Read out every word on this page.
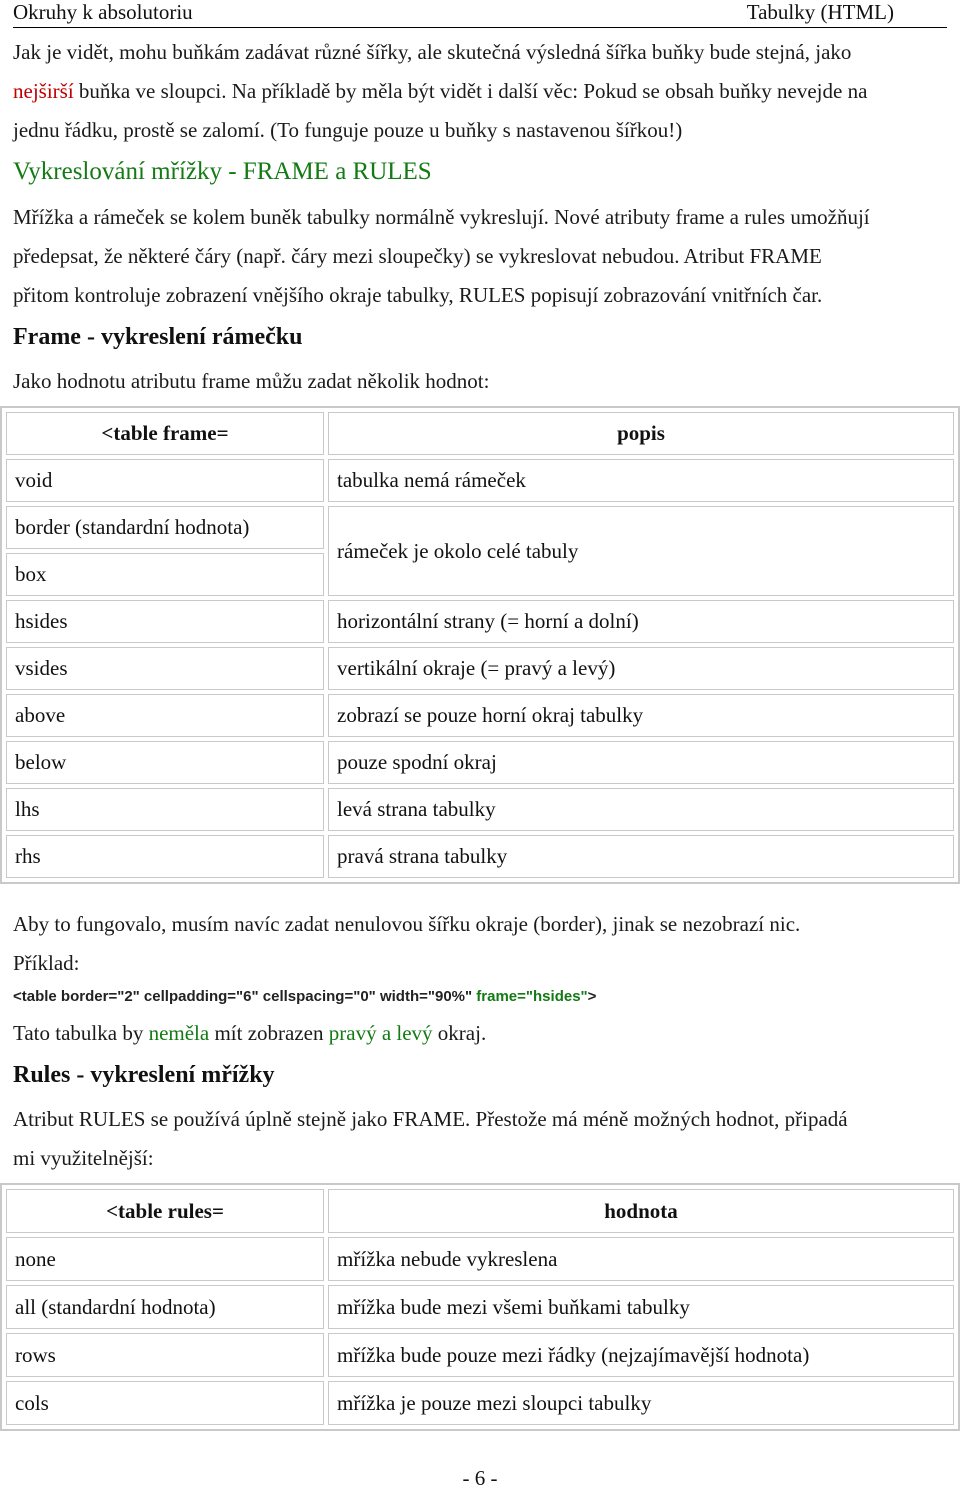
Okruhy k absolutoriu	Tabulky (HTML)
Jak je vidět, mohu buňkám zadávat různé šířky, ale skutečná výsledná šířka buňky bude stejná, jako
nejširší buňka ve sloupci. Na příkladě by měla být vidět i další věc: Pokud se obsah buňky nevejde na
jednu řádku, prostě se zalomí. (To funguje pouze u buňky s nastavenou šířkou!)
Vykreslování mřížky - FRAME a RULES
Mřížka a rámeček se kolem buněk tabulky normálně vykreslují. Nové atributy frame a rules umožňují
předepsat, že některé čáry (např. čáry mezi sloupečky) se vykreslovat nebudou. Atribut FRAME
přitom kontroluje zobrazení vnějšího okraje tabulky, RULES popisují zobrazování vnitřních čar.
Frame - vykreslení rámečku
Jako hodnotu atributu frame můžu zadat několik hodnot:
<table frame=	popis
void	tabulka nemá rámeček
border (standardní hodnota)	rámeček je okolo celé tabuly
box	
hsides	horizontální strany (= horní a dolní)
vsides	vertikální okraje (= pravý a levý)
above	zobrazí se pouze horní okraj tabulky
below	pouze spodní okraj
lhs	levá strana tabulky
rhs	pravá strana tabulky
Aby to fungovalo, musím navíc zadat nenulovou šířku okraje (border), jinak se nezobrazí nic.
Příklad:
<table border="2" cellpadding="6" cellspacing="0" width="90%" frame="hsides">
Tato tabulka by neměla mít zobrazen pravý a levý okraj.
Rules - vykreslení mřížky
Atribut RULES se používá úplně stejně jako FRAME. Přestože má méně možných hodnot, připadá
mi využitelnější:
<table rules=	hodnota
none	mřížka nebude vykreslena
all (standardní hodnota)	mřížka bude mezi všemi buňkami tabulky
rows	mřížka bude pouze mezi řádky (nejzajímavější hodnota)
cols	mřížka je pouze mezi sloupci tabulky
- 6 -
